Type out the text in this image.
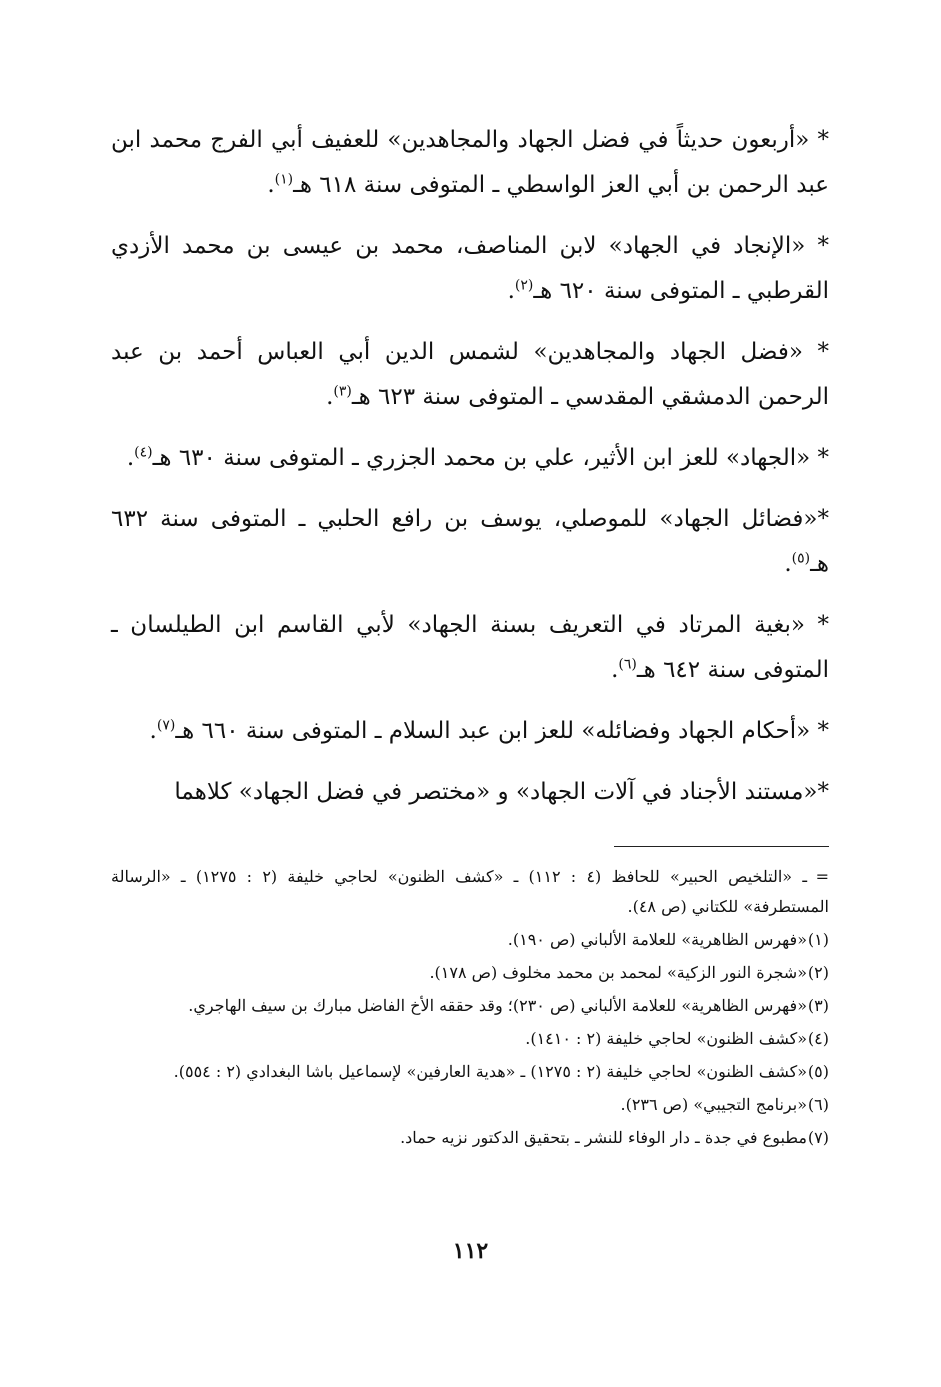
* «أربعون حديثاً في فضل الجهاد والمجاهدين» للعفيف أبي الفرج محمد ابن عبد الرحمن بن أبي العز الواسطي ـ المتوفى سنة ٦١٨ هـ$^{(١)}$.

* «الإنجاد في الجهاد» لابن المناصف، محمد بن عيسى بن محمد الأزدي القرطبي ـ المتوفى سنة ٦٢٠ هـ$^{(٢)}$.

* «فضل الجهاد والمجاهدين» لشمس الدين أبي العباس أحمد بن عبد الرحمن الدمشقي المقدسي ـ المتوفى سنة ٦٢٣ هـ$^{(٣)}$.

* «الجهاد» للعز ابن الأثير، علي بن محمد الجزري ـ المتوفى سنة ٦٣٠ هـ$^{(٤)}$.

*«فضائل الجهاد» للموصلي، يوسف بن رافع الحلبي ـ المتوفى سنة ٦٣٢ هـ$^{(٥)}$.

* «بغية المرتاد في التعريف بسنة الجهاد» لأبي القاسم ابن الطيلسان ـ المتوفى سنة ٦٤٢ هـ$^{(٦)}$.

* «أحكام الجهاد وفضائله» للعز ابن عبد السلام ـ المتوفى سنة ٦٦٠ هـ$^{(٧)}$.

*«مستند الأجناد في آلات الجهاد» و «مختصر في فضل الجهاد» كلاهما

=ـ «التلخيص الحبير» للحافظ (٤ : ١١٢) ـ «كشف الظنون» لحاجي خليفة (٢ : ١٢٧٥) ـ «الرسالة المستطرفة» للكتاني (ص ٤٨).

(١)«فهرس الظاهرية» للعلامة الألباني (ص ١٩٠).

(٢)«شجرة النور الزكية» لمحمد بن محمد مخلوف (ص ١٧٨).

(٣)«فهرس الظاهرية» للعلامة الألباني (ص ٢٣٠)؛ وقد حققه الأخ الفاضل مبارك بن سيف الهاجري.

(٤)«كشف الظنون» لحاجي خليفة (٢ : ١٤١٠).

(٥)«كشف الظنون» لحاجي خليفة (٢ : ١٢٧٥) ـ «هدية العارفين» لإسماعيل باشا البغدادي (٢ : ٥٥٤).

(٦)«برنامج التجيبي» (ص ٢٣٦).

(٧)مطبوع في جدة ـ دار الوفاء للنشر ـ بتحقيق الدكتور نزيه حماد.

١١٢
